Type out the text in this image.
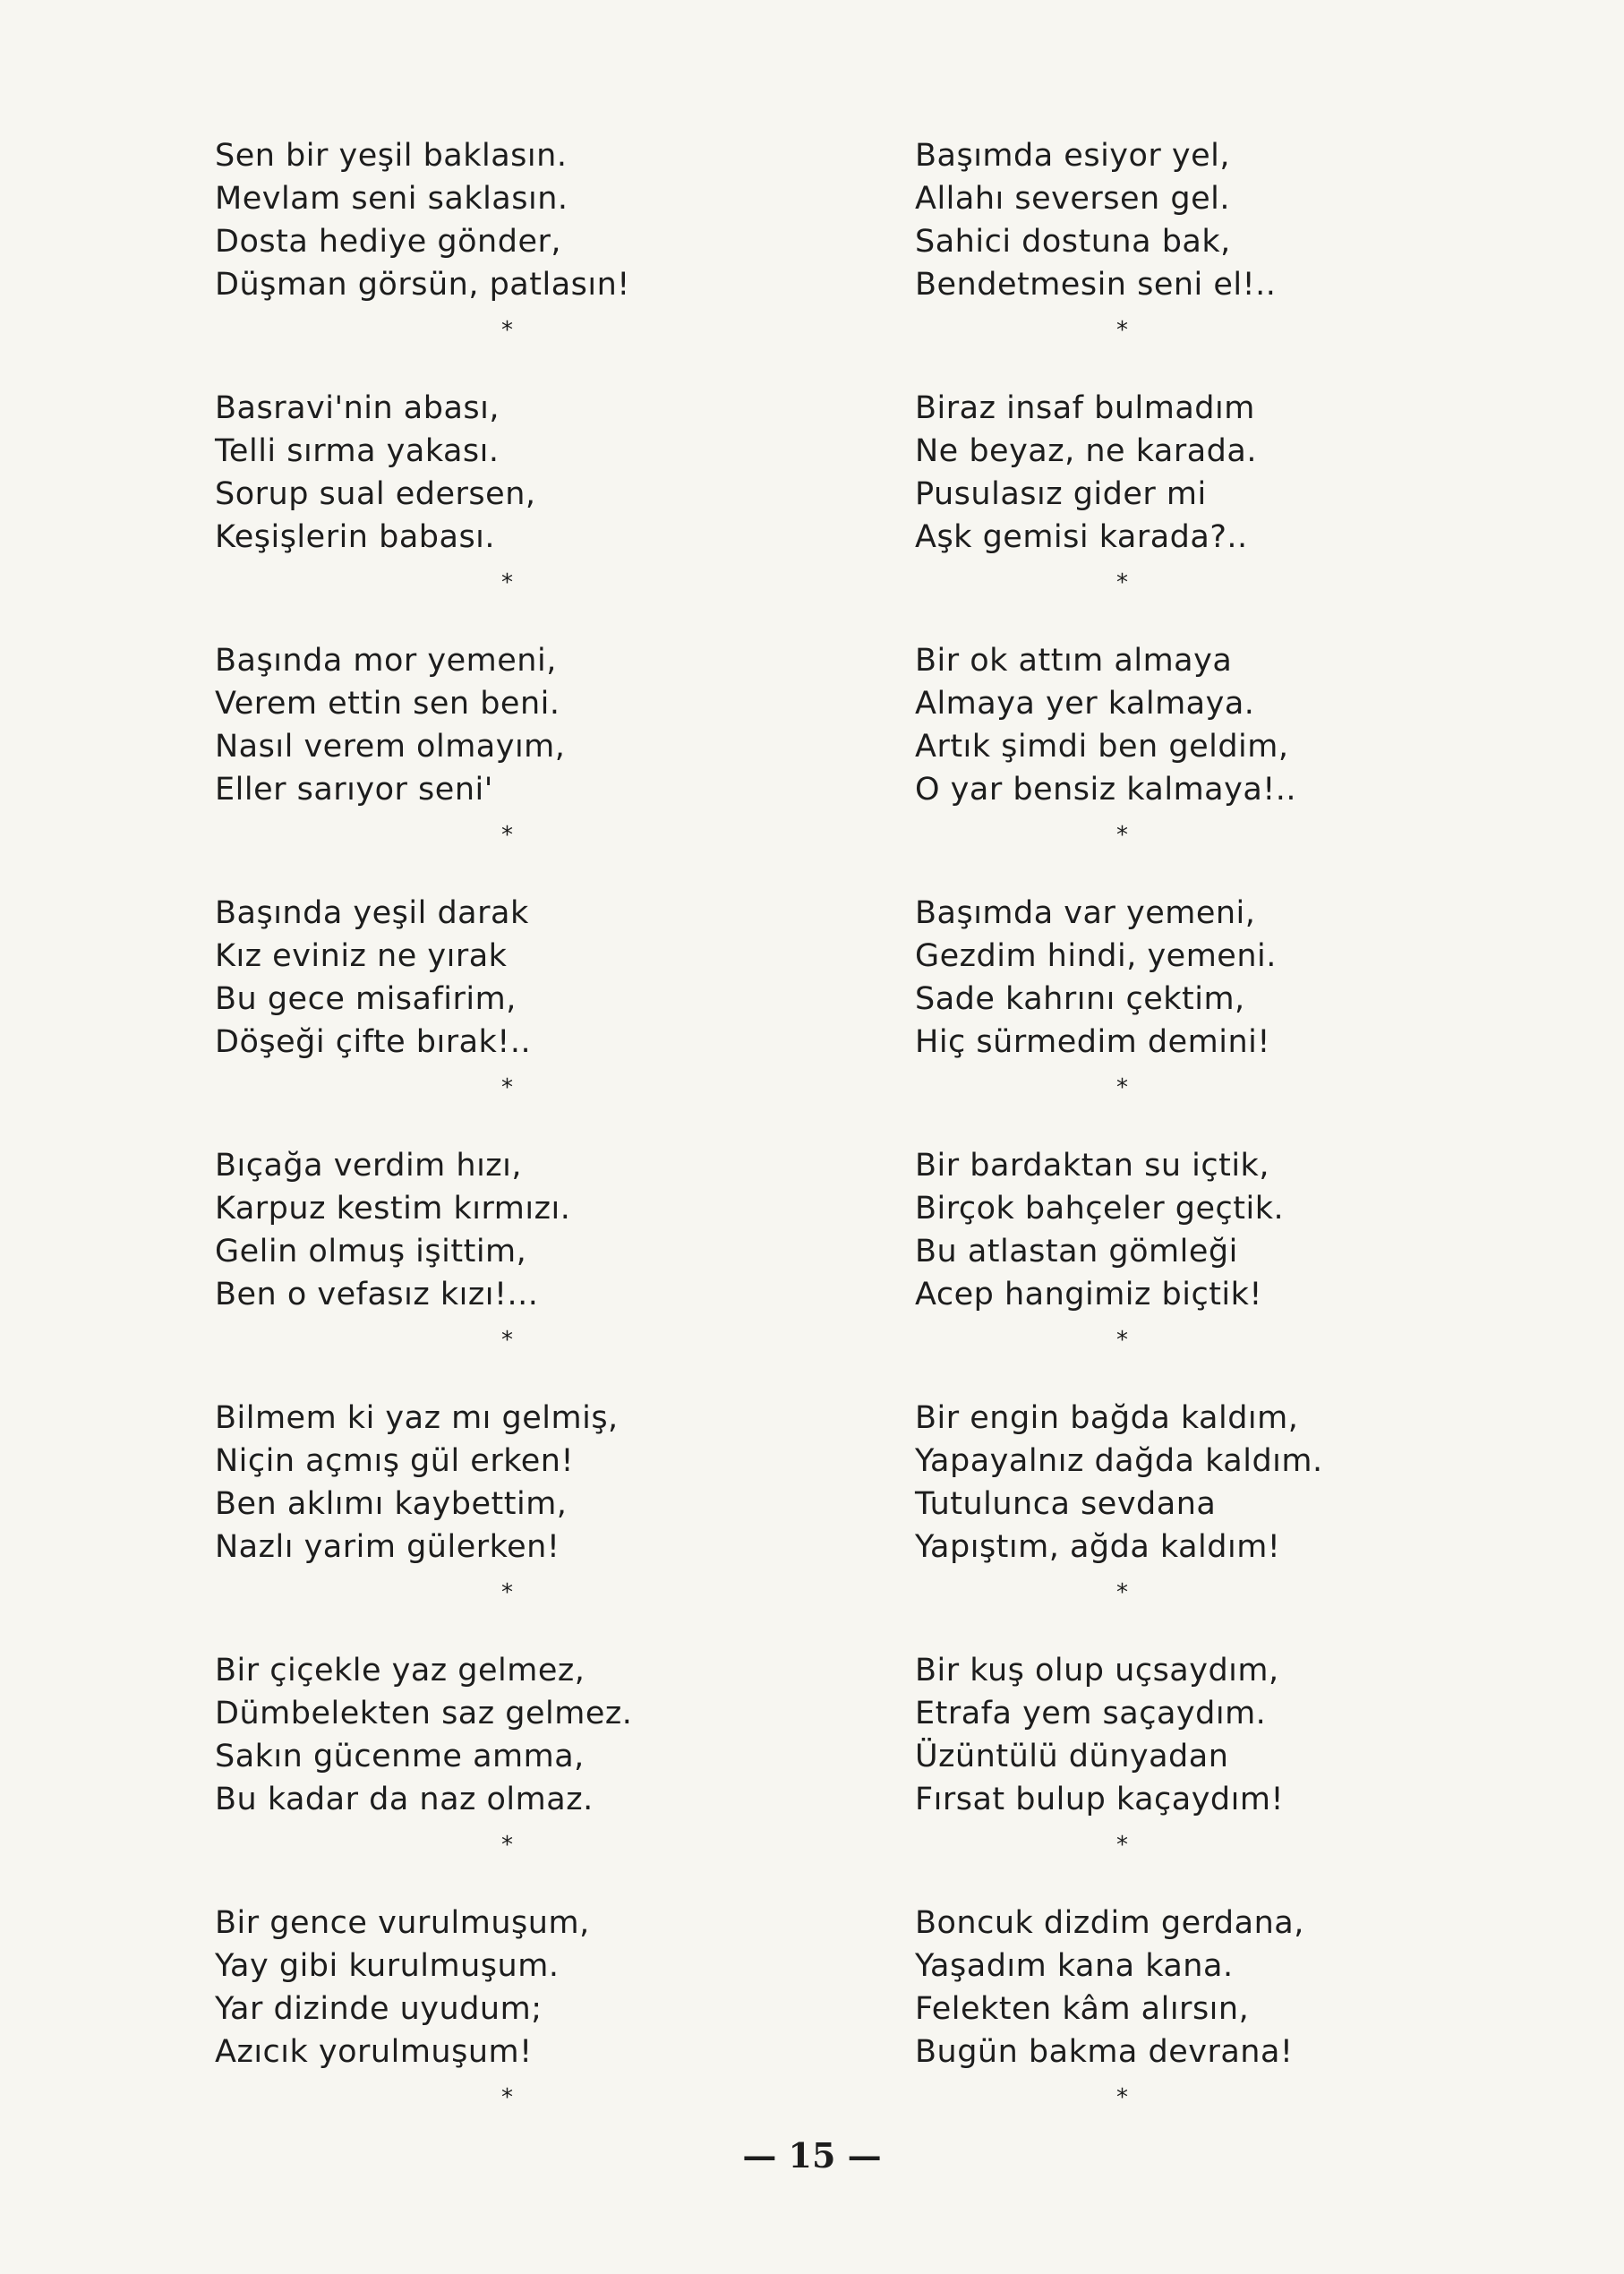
Sen bir yeşil baklasın.
Mevlam seni saklasın.
Dosta hediye gönder,
Düşman görsün, patlasın!
*
Basravi'nin abası,
Telli sırma yakası.
Sorup sual edersen,
Keşişlerin babası.
*
Başında mor yemeni,
Verem ettin sen beni.
Nasıl verem olmayım,
Eller sarıyor seni'
*
Başında yeşil darak
Kız eviniz ne yırak
Bu gece misafirim,
Döşeği çifte bırak!..
*
Bıçağa verdim hızı,
Karpuz kestim kırmızı.
Gelin olmuş işittim,
Ben o vefasız kızı!...
*
Bilmem ki yaz mı gelmiş,
Niçin açmış gül erken!
Ben aklımı kaybettim,
Nazlı yarim gülerken!
*
Bir çiçekle yaz gelmez,
Dümbelekten saz gelmez.
Sakın gücenme amma,
Bu kadar da naz olmaz.
*
Bir gence vurulmuşum,
Yay gibi kurulmuşum.
Yar dizinde uyudum;
Azıcık yorulmuşum!
*
Başımda esiyor yel,
Allahı seversen gel.
Sahici dostuna bak,
Bendetmesin seni el!..
*
Biraz insaf bulmadım
Ne beyaz, ne karada.
Pusulasız gider mi
Aşk gemisi karada?..
*
Bir ok attım almaya
Almaya yer kalmaya.
Artık şimdi ben geldim,
O yar bensiz kalmaya!..
*
Başımda var yemeni,
Gezdim hindi, yemeni.
Sade kahrını çektim,
Hiç sürmedim demini!
*
Bir bardaktan su içtik,
Birçok bahçeler geçtik.
Bu atlastan gömleği
Acep hangimiz biçtik!
*
Bir engin bağda kaldım,
Yapayalnız dağda kaldım.
Tutulunca sevdana
Yapıştım, ağda kaldım!
*
Bir kuş olup uçsaydım,
Etrafa yem saçaydım.
Üzüntülü dünyadan
Fırsat bulup kaçaydım!
*
Boncuk dizdim gerdana,
Yaşadım kana kana.
Felekten kâm alırsın,
Bugün bakma devrana!
*
— 15 —
